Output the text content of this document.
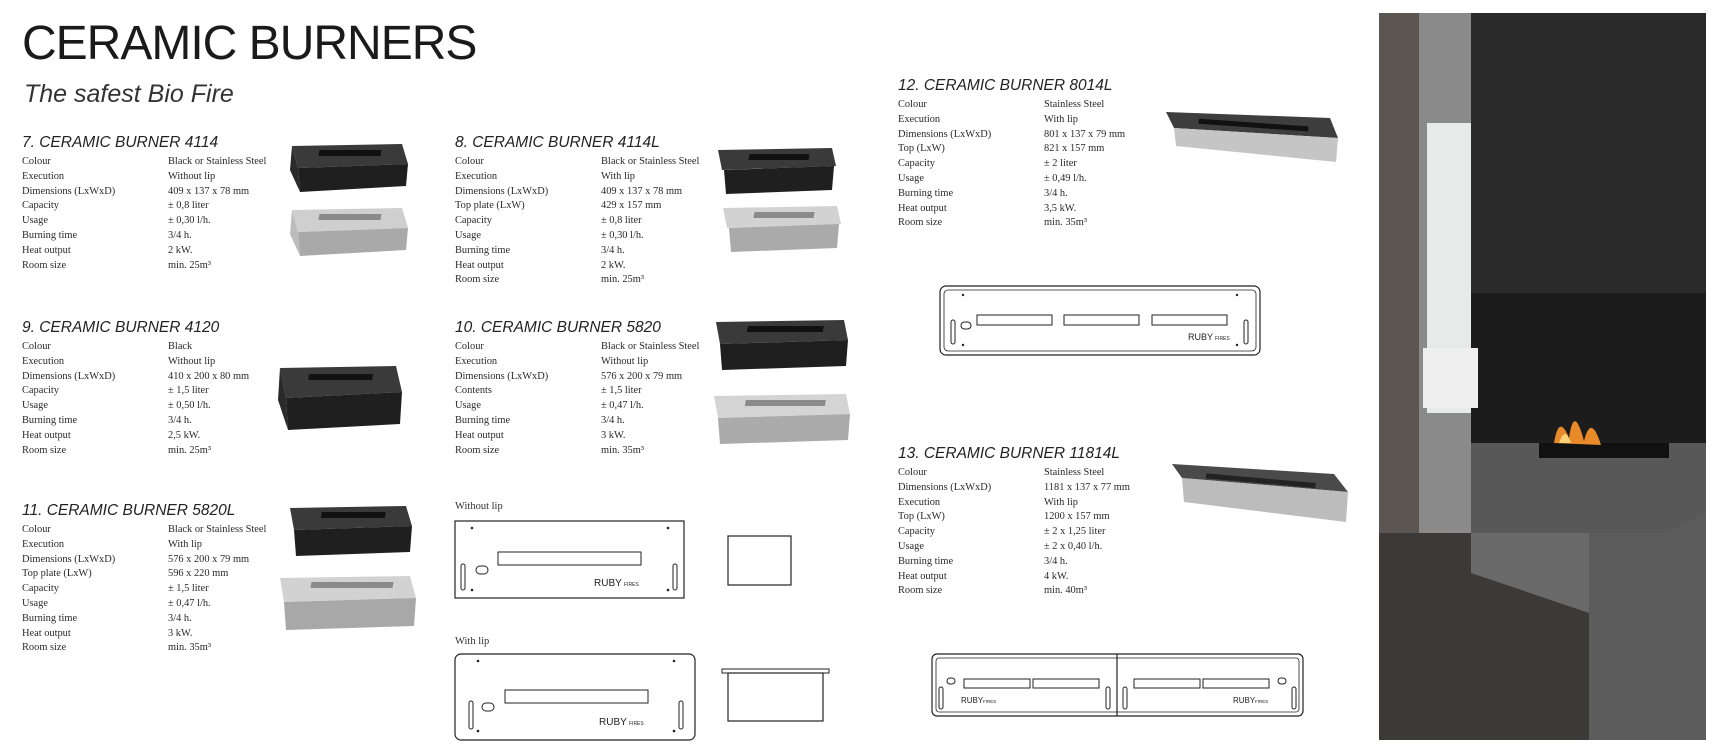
CERAMIC BURNERS
The safest Bio Fire
7. CERAMIC BURNER 4114
Colour	Black or Stainless Steel
Execution	Without lip
Dimensions (LxWxD)	409 x 137 x 78 mm
Capacity	± 0,8 liter
Usage	± 0,30 l/h.
Burning time	3/4 h.
Heat output	2 kW.
Room size	min. 25m³
8. CERAMIC BURNER 4114L
Colour	Black or Stainless Steel
Execution	With lip
Dimensions (LxWxD)	409 x 137 x 78 mm
Top plate (LxW)	429 x 157 mm
Capacity	± 0,8 liter
Usage	± 0,30 l/h.
Burning time	3/4 h.
Heat output	2 kW.
Room size	min. 25m³
9. CERAMIC BURNER 4120
Colour	Black
Execution	Without lip
Dimensions (LxWxD)	410 x 200 x 80 mm
Capacity	± 1,5 liter
Usage	± 0,50 l/h.
Burning time	3/4 h.
Heat output	2,5 kW.
Room size	min. 25m³
10. CERAMIC BURNER 5820
Colour	Black or Stainless Steel
Execution	Without lip
Dimensions (LxWxD)	576 x 200 x 79 mm
Contents	± 1,5 liter
Usage	± 0,47 l/h.
Burning time	3/4 h.
Heat output	3 kW.
Room size	min. 35m³
11. CERAMIC BURNER 5820L
Colour	Black or Stainless Steel
Execution	With lip
Dimensions (LxWxD)	576 x 200 x 79 mm
Top plate (LxW)	596 x 220 mm
Capacity	± 1,5 liter
Usage	± 0,47 l/h.
Burning time	3/4 h.
Heat output	3 kW.
Room size	min. 35m³
12. CERAMIC BURNER 8014L
Colour	Stainless Steel
Execution	With lip
Dimensions (LxWxD)	801 x 137 x 79 mm
Top (LxW)	821 x 157 mm
Capacity	± 2 liter
Usage	± 0,49 l/h.
Burning time	3/4 h.
Heat output	3,5 kW.
Room size	min. 35m³
13. CERAMIC BURNER 11814L
Colour	Stainless Steel
Dimensions (LxWxD)	1181 x 137 x 77 mm
Execution	With lip
Top (LxW)	1200 x 157 mm
Capacity	± 2 x 1,25 liter
Usage	± 2 x 0,40 l/h.
Burning time	3/4 h.
Heat output	4 kW.
Room size	min. 40m³
Without lip
RUBY FIRES
With lip
RUBY FIRES
RUBY FIRES
RUBY FIRES	RUBY FIRES
